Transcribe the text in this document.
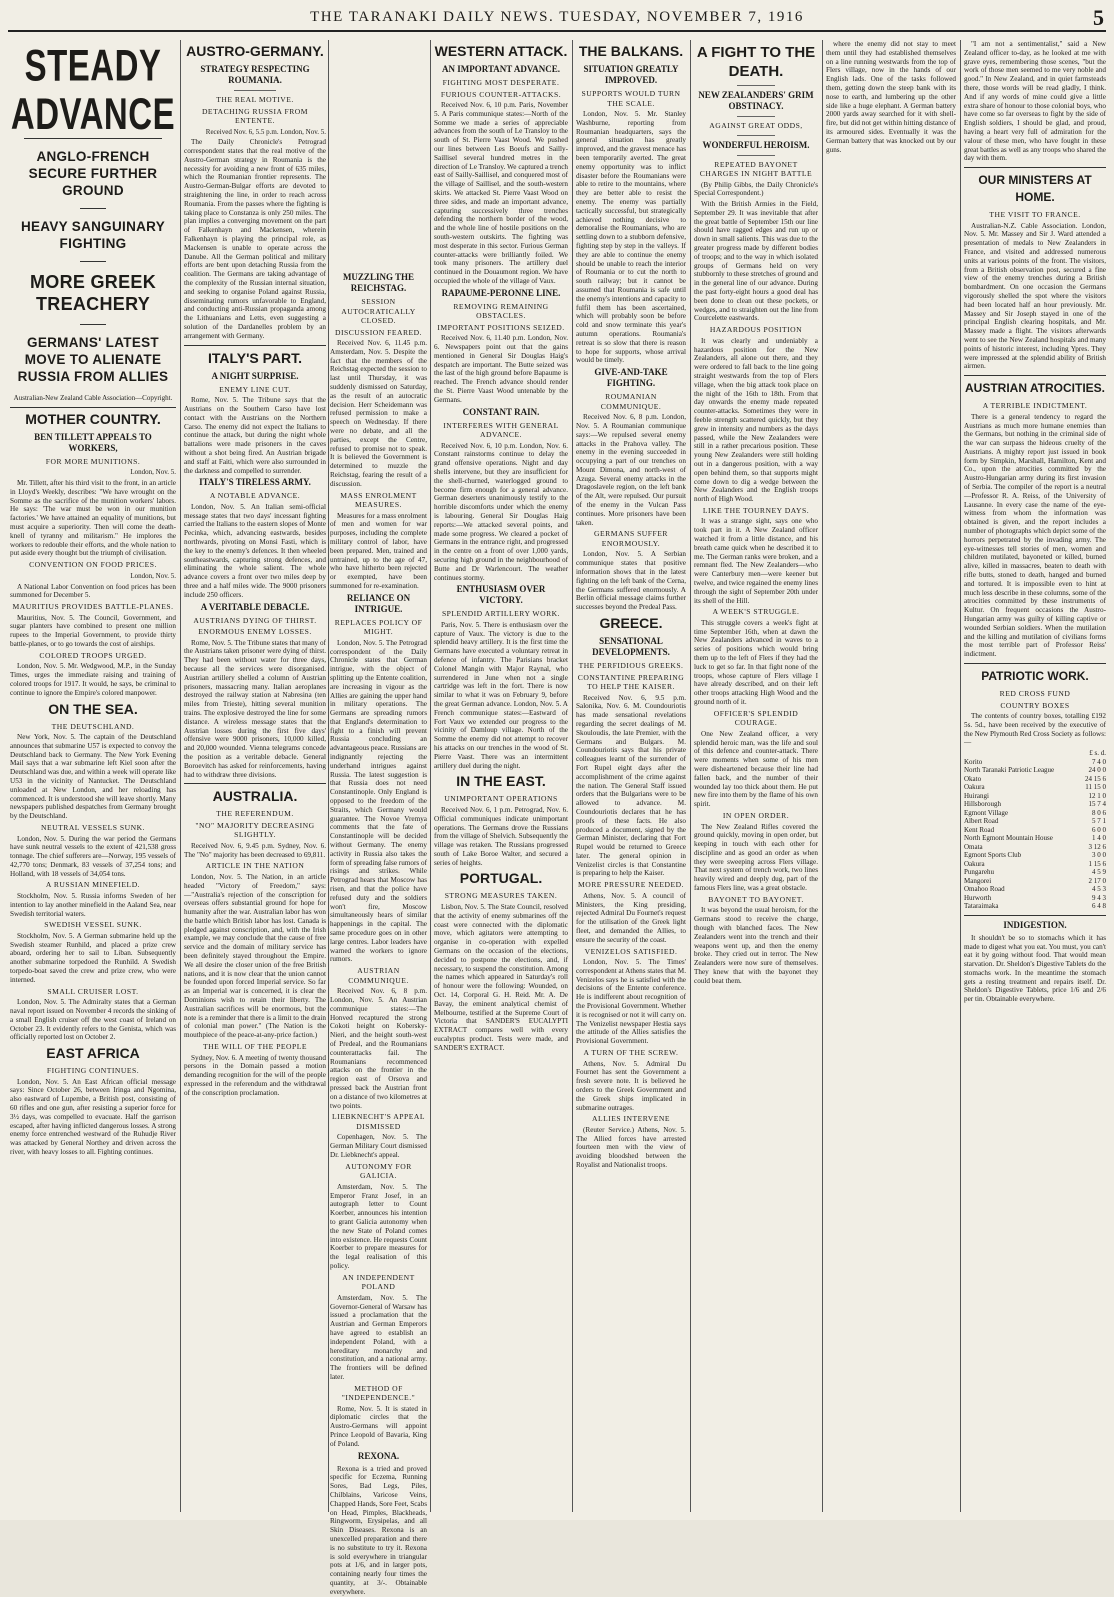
THE TARANAKI DAILY NEWS. TUESDAY, NOVEMBER 7, 1916	5
STEADY ADVANCE
ANGLO-FRENCH SECURE FURTHER GROUND
HEAVY SANGUINARY FIGHTING
MORE GREEK TREACHERY
GERMANS' LATEST MOVE TO ALIENATE RUSSIA FROM ALLIES
Australian-New Zealand Cable Association—Copyright.
MOTHER COUNTRY.
BEN TILLETT APPEALS TO WORKERS,
FOR MORE MUNITIONS.
London, Nov. 5.

Mr. Tillett, after his third visit to the front, in an article in Lloyd's Weekly, describes: "We have wrought on the Somme as the sacrifice of the munition workers' labors. He says: 'The war must be won in our munition factories.' We have attained an equality of munitions, but must acquire a superiority. Then will come the death-knell of tyranny and militarism." He implores the workers to redouble their efforts, and the whole nation to put aside every thought but the triumph of civilisation.

CONVENTION ON FOOD PRICES.
London, Nov. 5.

A National Labor Convention on food prices has been summoned for December 5.

MAURITIUS PROVIDES BATTLE-PLANES.

Mauritius, Nov. 5. The Council, Government, and sugar planters have combined to present one million rupees to the Imperial Government, to provide thirty battle-planes, or to go towards the cost of airships.

COLORED TROOPS URGED.

London, Nov. 5. Mr. Wedgwood, M.P., in the Sunday Times, urges the immediate raising and training of colored troops for 1917. It would, he says, be criminal to continue to ignore the Empire's colored manpower.

ON THE SEA.
THE DEUTSCHLAND.

New York, Nov. 5. The captain of the Deutschland announces that submarine U57 is expected to convoy the Deutschland back to Germany. The New York Evening Mail says that a war submarine left Kiel soon after the Deutschland was due, and within a week will operate like U53 in the vicinity of Nantucket. The Deutschland unloaded at New London, and her reloading has commenced. It is understood she will leave shortly. Many newspapers published despatches from Germany brought by the Deutschland.

NEUTRAL VESSELS SUNK.

London, Nov. 5. During the war period the Germans have sunk neutral vessels to the extent of 421,538 gross tonnage. The chief sufferers are—Norway, 195 vessels of 42,770 tons; Denmark, 83 vessels of 37,254 tons; and Holland, with 18 vessels of 34,054 tons.

A RUSSIAN MINEFIELD.

Stockholm, Nov. 5. Russia informs Sweden of her intention to lay another minefield in the Aaland Sea, near Swedish territorial waters.

SWEDISH VESSEL SUNK.

Stockholm, Nov. 5. A German submarine held up the Swedish steamer Runhild, and placed a prize crew aboard, ordering her to sail to Liban. Subsequently another submarine torpedoed the Runhild. A Swedish torpedo-boat saved the crew and prize crew, who were interned.

SMALL CRUISER LOST.

London, Nov. 5. The Admiralty states that a German naval report issued on November 4 records the sinking of a small English cruiser off the west coast of Ireland on October 23. It evidently refers to the Genista, which was officially reported lost on October 2.

EAST AFRICA
FIGHTING CONTINUES.

London, Nov. 5. An East African official message says: Since October 26, between Iringa and Ngomina, also eastward of Lupembe, a British post, consisting of 60 rifles and one gun, after resisting a superior force for 3½ days, was compelled to evacuate. Half the garrison escaped, after having inflicted dangerous losses. A strong enemy force entrenched westward of the Ruhudje River was attacked by General Northey and driven across the river, with heavy losses to all. Fighting continues.

AUSTRO-GERMANY.
STRATEGY RESPECTING ROUMANIA.
THE REAL MOTIVE.
DETACHING RUSSIA FROM ENTENTE.
Received Nov. 6, 5.5 p.m. London, Nov. 5.

The Daily Chronicle's Petrograd correspondent states that the real motive of the Austro-German strategy in Roumania is the necessity for avoiding a new front of 635 miles, which the Roumanian frontier represents. The Austro-German-Bulgar efforts are devoted to straightening the line, in order to reach across Roumania. From the passes where the fighting is taking place to Constanza is only 250 miles. The plan implies a converging movement on the part of Falkenhayn and Mackensen, wherein Falkenhayn is playing the principal role, as Mackensen is unable to operate across the Danube. All the German political and military efforts are bent upon detaching Russia from the coalition. The Germans are taking advantage of the complexity of the Russian internal situation, and seeking to organise Poland against Russia, disseminating rumors unfavorable to England, and conducting anti-Russian propaganda among the Lithuanians and Letts, even suggesting a solution of the Dardanelles problem by an arrangement with Germany.

ITALY'S PART.
A NIGHT SURPRISE.
ENEMY LINE CUT.

Rome, Nov. 5. The Tribune says that the Austrians on the Southern Carso have lost contact with the Austrians on the Northern Carso. The enemy did not expect the Italians to continue the attack, but during the night whole battalions were made prisoners in the caves without a shot being fired. An Austrian brigade and staff at Faiti, which were also surrounded in the darkness and compelled to surrender.

ITALY'S TIRELESS ARMY.
A NOTABLE ADVANCE.

London, Nov. 5. An Italian semi-official message states that two days' incessant fighting carried the Italians to the eastern slopes of Monte Pecinka, which, advancing eastwards, besides northwards, pivoting on Monsi Fasti, which is the key to the enemy's defences. It then wheeled southeastwards, capturing strong defences, and eliminating the whole salient. The whole advance covers a front over two miles deep by three and a half miles wide. The 9000 prisoners include 250 officers.

A VERITABLE DEBACLE.
AUSTRIANS DYING OF THIRST.
ENORMOUS ENEMY LOSSES.

Rome, Nov. 5. The Tribune states that many of the Austrians taken prisoner were dying of thirst. They had been without water for three days, because all the services were disorganised. Austrian artillery shelled a column of Austrian prisoners, massacring many. Italian aeroplanes destroyed the railway station at Nabresina (ten miles from Trieste), hitting several munition trains. The explosive destroyed the line for some distance. A wireless message states that the Austrian losses during the first five days' offensive were 9000 prisoners, 10,000 killed, and 20,000 wounded. Vienna telegrams concede the position as a veritable debacle. General Boroevitch has asked for reinforcements, having had to withdraw three divisions.

AUSTRALIA.
THE REFERENDUM.
"NO" MAJORITY DECREASING SLIGHTLY.

Received Nov. 6, 9.45 p.m. Sydney, Nov. 6. The "No" majority has been decreased to 69,811.

ARTICLE IN THE NATION

London, Nov. 5. The Nation, in an article headed "Victory of Freedom," says:—"Australia's rejection of the conscription for overseas offers substantial ground for hope for humanity after the war. Australian labor has won the battle which British labor has lost. Canada is pledged against conscription, and, with the Irish example, we may conclude that the cause of free service and the domain of military service has been definitely stayed throughout the Empire. We all desire the closer union of the free British nations, and it is now clear that the union cannot be founded upon forced Imperial service. So far as an Imperial war is concerned, it is clear the Dominions wish to retain their liberty. The Australian sacrifices will be enormous, but the note is a reminder that there is a limit to the drain of colonial man power." (The Nation is the mouthpiece of the peace-at-any-price faction.)

THE WILL OF THE PEOPLE

Sydney, Nov. 6. A meeting of twenty thousand persons in the Domain passed a motion demanding recognition for the will of the people expressed in the referendum and the withdrawal of the conscription proclamation.

MUZZLING THE REICHSTAG.
SESSION AUTOCRATICALLY CLOSED.
DISCUSSION FEARED.

Received Nov. 6, 11.45 p.m. Amsterdam, Nov. 5. Despite the fact that the members of the Reichstag expected the session to last until Thursday, it was suddenly dismissed on Saturday, as the result of an autocratic decision. Herr Scheidemann was refused permission to make a speech on Wednesday. If there were no debate, and all the parties, except the Centre, refused to promise not to speak. It is believed the Government is determined to muzzle the Reichstag, fearing the result of a discussion.

MASS ENROLMENT MEASURES.

Measures for a mass enrolment of men and women for war purposes, including the complete military control of labor, have been prepared. Men, trained and untrained, up to the age of 47, who have hitherto been rejected or exempted, have been summoned for re-examination.

RELIANCE ON INTRIGUE.
REPLACES POLICY OF MIGHT.

London, Nov. 5. The Petrograd correspondent of the Daily Chronicle states that German intrigue, with the object of splitting up the Entente coalition, are increasing in vigour as the Allies are gaining the upper hand in military operations. The Germans are spreading rumors that England's determination to fight to a finish will prevent Russia concluding an advantageous peace. Russians are indignantly rejecting the underhand intrigues against Russia. The latest suggestion is that Russia does not need Constantinople. Only England is opposed to the freedom of the Straits, which Germany would guarantee. The Novoe Vremya comments that the fate of Constantinople will be decided without Germany. The enemy activity in Russia also takes the form of spreading false rumors of risings and strikes. While Petrograd hears that Moscow has risen, and that the police have refused duty and the soldiers won't fire, Moscow simultaneously hears of similar happenings in the capital. The same procedure goes on in other large centres. Labor leaders have warned the workers to ignore rumors.

AUSTRIAN COMMUNIQUE.

Received Nov. 6, 8 p.m. London, Nov. 5. An Austrian communique states:—The Honved recaptured the strong Cokoti height on Kobersky-Nieri, and the height south-west of Predeal, and the Roumanians counterattacks fail. The Roumanians recommenced attacks on the frontier in the region east of Orsova and pressed back the Austrian front on a distance of two kilometres at two points.

LIEBKNECHT'S APPEAL DISMISSED

Copenhagen, Nov. 5. The German Military Court dismissed Dr. Liebknecht's appeal.

AUTONOMY FOR GALICIA.

Amsterdam, Nov. 5. The Emperor Franz Josef, in an autograph letter to Count Koerber, announces his intention to grant Galicia autonomy when the new State of Poland comes into existence. He requests Count Koerber to prepare measures for the legal realisation of this policy.

AN INDEPENDENT POLAND

Amsterdam, Nov. 5. The Governor-General of Warsaw has issued a proclamation that the Austrian and German Emperors have agreed to establish an independent Poland, with a hereditary monarchy and constitution, and a national army. The frontiers will be defined later.

METHOD OF "INDEPENDENCE."

Rome, Nov. 5. It is stated in diplomatic circles that the Austro-Germans will appoint Prince Leopold of Bavaria, King of Poland.

REXONA.

Rexona is a tried and proved specific for Eczema, Running Sores, Bad Legs, Piles, Chilblains, Varicose Veins, Chapped Hands, Sore Feet, Scabs on Head, Pimples, Blackheads, Ringworm, Erysipelas, and all Skin Diseases. Rexona is an unexcelled preparation and there is no substitute to try it. Rexona is sold everywhere in triangular pots at 1/6, and in larger pots, containing nearly four times the quantity, at 3/-. Obtainable everywhere.

WESTERN ATTACK.
AN IMPORTANT ADVANCE.
FIGHTING MOST DESPERATE.
FURIOUS COUNTER-ATTACKS.

Received Nov. 6, 10 p.m. Paris, November 5. A Paris communique states:—North of the Somme we made a series of appreciable advances from the south of Le Transloy to the south of St. Pierre Vaast Wood. We pushed our lines between Les Boeufs and Sailly-Saillisel several hundred metres in the direction of Le Transloy. We captured a trench east of Sailly-Saillisel, and conquered most of the village of Saillisel, and the south-western skirts. We attacked St. Pierre Vaast Wood on three sides, and made an important advance, capturing successively three trenches defending the northern border of the wood, and the whole line of hostile positions on the south-western outskirts. The fighting was most desperate in this sector. Furious German counter-attacks were brilliantly foiled. We took many prisoners. The artillery duel continued in the Douaumont region. We have occupied the whole of the village of Vaux.

RAPAUME-PERONNE LINE.
REMOVING REMAINING OBSTACLES.
IMPORTANT POSITIONS SEIZED.

Received Nov. 6, 11.40 p.m. London, Nov. 6. Newspapers point out that the gains mentioned in General Sir Douglas Haig's despatch are important. The Butte seized was the last of the high ground before Bapaume is reached. The French advance should render the St. Pierre Vaast Wood untenable by the Germans.

CONSTANT RAIN.
INTERFERES WITH GENERAL ADVANCE.

Received Nov. 6, 10 p.m. London, Nov. 6. Constant rainstorms continue to delay the grand offensive operations. Night and day shells intervene, but they are insufficient for the shell-churned, waterlogged ground to become firm enough for a general advance. German deserters unanimously testify to the horrible discomforts under which the enemy is labouring. General Sir Douglas Haig reports:—We attacked several points, and made some progress. We cleared a pocket of Germans in the entrance right, and progressed in the centre on a front of over 1,000 yards, securing high ground in the neighbourhood of Butte and Dr Warlencourt. The weather continues stormy.

ENTHUSIASM OVER VICTORY.
SPLENDID ARTILLERY WORK.

Paris, Nov. 5. There is enthusiasm over the capture of Vaux. The victory is due to the splendid heavy artillery. It is the first time the Germans have executed a voluntary retreat in defence of infantry. The Parisians bracket Colonel Mangin with Major Raynal, who surrendered in June when not a single cartridge was left in the fort. There is now similar to what it was on February 9, before the great German advance. London, Nov. 5. A French communique states:—Eastward of Fort Vaux we extended our progress to the vicinity of Damloup village. North of the Somme the enemy did not attempt to recover his attacks on our trenches in the wood of St. Pierre Vaast. There was an intermittent artillery duel during the night.

IN THE EAST.
UNIMPORTANT OPERATIONS

Received Nov. 6, 1 p.m. Petrograd, Nov. 6. Official communiques indicate unimportant operations. The Germans drove the Russians from the village of Shelvich. Subsequently the village was retaken. The Russians progressed south of Lake Boroe Walter, and secured a series of heights.

PORTUGAL.
STRONG MEASURES TAKEN.

Lisbon, Nov. 5. The State Council, resolved that the activity of enemy submarines off the coast were connected with the diplomatic move, which agitators were attempting to organise in co-operation with expelled Germans on the occasion of the elections, decided to postpone the elections, and, if necessary, to suspend the constitution. Among the names which appeared in Saturday's roll of honour were the following: Wounded, on Oct. 14, Corporal G. H. Reid. Mr. A. De Bavay, the eminent analytical chemist of Melbourne, testified at the Supreme Court of Victoria that SANDER'S EUCALYPTI EXTRACT compares well with every eucalyptus product. Tests were made, and SANDER'S EXTRACT.

THE BALKANS.
SITUATION GREATLY IMPROVED.
SUPPORTS WOULD TURN THE SCALE.

London, Nov. 5. Mr. Stanley Washburne, reporting from Roumanian headquarters, says the general situation has greatly improved, and the gravest menace has been temporarily averted. The great enemy opportunity was to inflict disaster before the Roumanians were able to retire to the mountains, where they are better able to resist the enemy. The enemy was partially tactically successful, but strategically achieved nothing decisive to demoralise the Roumanians, who are settling down to a stubborn defensive, fighting step by step in the valleys. If they are able to continue the enemy should be unable to reach the interior of Roumania or to cut the north to south railway; but it cannot be assumed that Roumania is safe until the enemy's intentions and capacity to fulfil them has been ascertained, which will probably soon be before cold and snow terminate this year's autumn operations. Roumania's retreat is so slow that there is reason to hope for supports, whose arrival would be timely.

GIVE-AND-TAKE FIGHTING.
ROUMANIAN COMMUNIQUE.

Received Nov. 6, 8 p.m. London, Nov. 5. A Roumanian communique says:—We repulsed several enemy attacks in the Prahova valley. The enemy in the evening succeeded in occupying a part of our trenches on Mount Dimona, and north-west of Azuga. Several enemy attacks in the Dragoslavele region, on the left bank of the Alt, were repulsed. Our pursuit of the enemy in the Vulcan Pass continues. More prisoners have been taken.

GERMANS SUFFER ENORMOUSLY.

London, Nov. 5. A Serbian communique states that positive information shows that in the latest fighting on the left bank of the Cerna, the Germans suffered enormously. A Berlin official message claims further successes beyond the Predeal Pass.

GREECE.
SENSATIONAL DEVELOPMENTS.
THE PERFIDIOUS GREEKS.
CONSTANTINE PREPARING TO HELP THE KAISER.

Received Nov. 6, 9.5 p.m. Salonika, Nov. 6. M. Coundouriotis has made sensational revelations regarding the secret dealings of M. Skouloudis, the late Premier, with the Germans and Bulgars. M. Coundouriotis says that his private colleagues learnt of the surrender of Fort Rupel eight days after the accomplishment of the crime against the nation. The General Staff issued orders that the Bulgarians were to be allowed to advance. M. Coundouriotis declares that he has proofs of these facts. He also produced a document, signed by the German Minister, declaring that Fort Rupel would be returned to Greece later. The general opinion in Venizelist circles is that Constantine is preparing to help the Kaiser.

MORE PRESSURE NEEDED.

Athens, Nov. 5. A council of Ministers, the King presiding, rejected Admiral Du Fournet's request for the utilisation of the Greek light fleet, and demanded the Allies, to ensure the security of the coast.

VENIZELOS SATISFIED.

London, Nov. 5. The Times' correspondent at Athens states that M. Venizelos says he is satisfied with the decisions of the Entente conference. He is indifferent about recognition of the Provisional Government. Whether it is recognised or not it will carry on. The Venizelist newspaper Hestia says the attitude of the Allies satisfies the Provisional Government.

A TURN OF THE SCREW.

Athens, Nov. 5. Admiral Du Fournet has sent the Government a fresh severe note. It is believed he orders to the Greek Government and the Greek ships implicated in submarine outrages.

ALLIES INTERVENE

(Reuter Service.) Athens, Nov. 5. The Allied forces have arrested fourteen men with the view of avoiding bloodshed between the Royalist and Nationalist troops.

A FIGHT TO THE DEATH.
NEW ZEALANDERS' GRIM OBSTINACY.
AGAINST GREAT ODDS,
WONDERFUL HEROISM.
REPEATED BAYONET CHARGES IN NIGHT BATTLE

(By Philip Gibbs, the Daily Chronicle's Special Correspondent.)

With the British Armies in the Field, September 29. It was inevitable that after the great battle of September 15th our line should have ragged edges and run up or down in small salients. This was due to the greater progress made by different bodies of troops; and to the way in which isolated groups of Germans held on very stubbornly to these stretches of ground and in the general line of our advance. During the past forty-eight hours a good deal has been done to clean out these pockets, or wedges, and to straighten out the line from Courcelette eastwards.

HAZARDOUS POSITION

It was clearly and undeniably a hazardous position for the New Zealanders, all alone out there, and they were ordered to fall back to the line going straight westwards from the top of Flers village, when the big attack took place on the night of the 16th to 18th. From that day onwards the enemy made repeated counter-attacks. Sometimes they were in feeble strength scattered quickly, but they grew in intensity and numbers as the days passed, while the New Zealanders were still in a rather precarious position. These young New Zealanders were still holding out in a dangerous position, with a way open behind them, so that supports might come down to dig a wedge between the New Zealanders and the English troops north of High Wood.

LIKE THE TOURNEY DAYS.

It was a strange sight, says one who took part in it. A New Zealand officer watched it from a little distance, and his breath came quick when he described it to me. The German ranks were broken, and a remnant fled. The New Zealanders—who were Canterbury men—were keener but twelve, and twice regained the enemy lines through the sight of September 20th under its shell of the Hill.

A WEEK'S STRUGGLE.

This struggle covers a week's fight at time September 16th, when at dawn the New Zealanders advanced in waves to a series of positions which would bring them up to the left of Flers if they had the luck to get so far. In that fight none of the troops, whose capture of Flers village I have already described, and on their left other troops attacking High Wood and the ground north of it.

OFFICER'S SPLENDID COURAGE.

One New Zealand officer, a very splendid heroic man, was the life and soul of this defence and counter-attack. There were moments when some of his men were disheartened because their line had fallen back, and the number of their wounded lay too thick about them. He put new fire into them by the flame of his own spirit.

IN OPEN ORDER.

The New Zealand Rifles covered the ground quickly, moving in open order, but keeping in touch with each other for discipline and as good an order as when they were sweeping across Flers village. That next system of trench work, two lines heavily wired and deeply dug, part of the famous Flers line, was a great obstacle.

BAYONET TO BAYONET.

It was beyond the usual heroism, for the Germans stood to receive the charge, though with blanched faces. The New Zealanders went into the trench and their weapons went up, and then the enemy broke. They cried out in terror. The New Zealanders were now sure of themselves. They knew that with the bayonet they could beat them.

where the enemy did not stay to meet them until they had established themselves on a line running westwards from the top of Flers village, now in the hands of our English lads. One of the tasks followed them, getting down the steep bank with its nose to earth, and lumbering up the other side like a huge elephant. A German battery 2000 yards away searched for it with shell-fire, but did not get within hitting distance of its armoured sides. Eventually it was the German battery that was knocked out by our guns.

"I am not a sentimentalist," said a New Zealand officer to-day, as he looked at me with grave eyes, remembering those scenes, "but the work of those men seemed to me very noble and good." In New Zealand, and in quiet farmsteads there, those words will be read gladly, I think. And if any words of mine could give a little extra share of honour to those colonial boys, who have come so far overseas to fight by the side of English soldiers, I should be glad, and proud, having a heart very full of admiration for the valour of these men, who have fought in these great battles as well as any troops who shared the day with them.

OUR MINISTERS AT HOME.
THE VISIT TO FRANCE.

Australian-N.Z. Cable Association. London, Nov. 5. Mr. Massey and Sir J. Ward attended a presentation of medals to New Zealanders in France, and visited and addressed numerous units at various points of the front. The visitors, from a British observation post, secured a fine view of the enemy trenches during a British bombardment. On one occasion the Germans vigorously shelled the spot where the visitors had been located half an hour previously. Mr. Massey and Sir Joseph stayed in one of the principal English clearing hospitals, and Mr. Massey made a flight. The visitors afterwards went to see the New Zealand hospitals and many points of historic interest, including Ypres. They were impressed at the splendid ability of British airmen.

AUSTRIAN ATROCITIES.
A TERRIBLE INDICTMENT.

There is a general tendency to regard the Austrians as much more humane enemies than the Germans, but nothing in the criminal side of the war can surpass the hideous cruelty of the Austrians. A mighty report just issued in book form by Simpkin, Marshall, Hamilton, Kent and Co., upon the atrocities committed by the Austro-Hungarian army during its first invasion of Serbia. The compiler of the report is a neutral—Professor R. A. Reiss, of the University of Lausanne. In every case the name of the eye-witness from whom the information was obtained is given, and the report includes a number of photographs which depict some of the horrors perpetrated by the invading army. The eye-witnesses tell stories of men, women and children mutilated, bayoneted or killed, burned alive, killed in massacres, beaten to death with rifle butts, stoned to death, hanged and burned and tortured. It is impossible even to hint at much less describe in these columns, some of the atrocities committed by these instruments of Kultur. On frequent occasions the Austro-Hungarian army was guilty of killing captive or wounded Serbian soldiers. When the mutilation and the killing and mutilation of civilians forms the most terrible part of Professor Reiss' indictment.

PATRIOTIC WORK.
RED CROSS FUND
COUNTRY BOXES

The contents of country boxes, totalling £192 5s. 5d., have been received by the executive of the New Plymouth Red Cross Society as follows:—

	£ s. d.
Korito	7 4 0
North Taranaki Patriotic League	24 0 0
Okato	24 15 6
Oakura	11 15 0
Huirangi	12 1 0
Hillsborough	15 7 4
Egmont Village	8 0 6
Albert Road	5 7 1
Kent Road	6 0 0
North Egmont Mountain House	1 4 0
Omata	3 12 6
Egmont Sports Club	3 0 0
Oakura	1 15 6
Pungarehu	4 5 9
Mangorei	2 17 0
Omahoo Road	4 5 3
Hurworth	9 4 3
Tataraimaka	6 4 8
INDIGESTION.

It shouldn't be so to stomachs which it has made to digest what you eat. You must, you can't eat it by going without food. That would mean starvation. Dr. Sheldon's Digestive Tablets do the stomachs work. In the meantime the stomach gets a resting treatment and repairs itself. Dr. Sheldon's Digestive Tablets, price 1/6 and 2/6 per tin. Obtainable everywhere.
